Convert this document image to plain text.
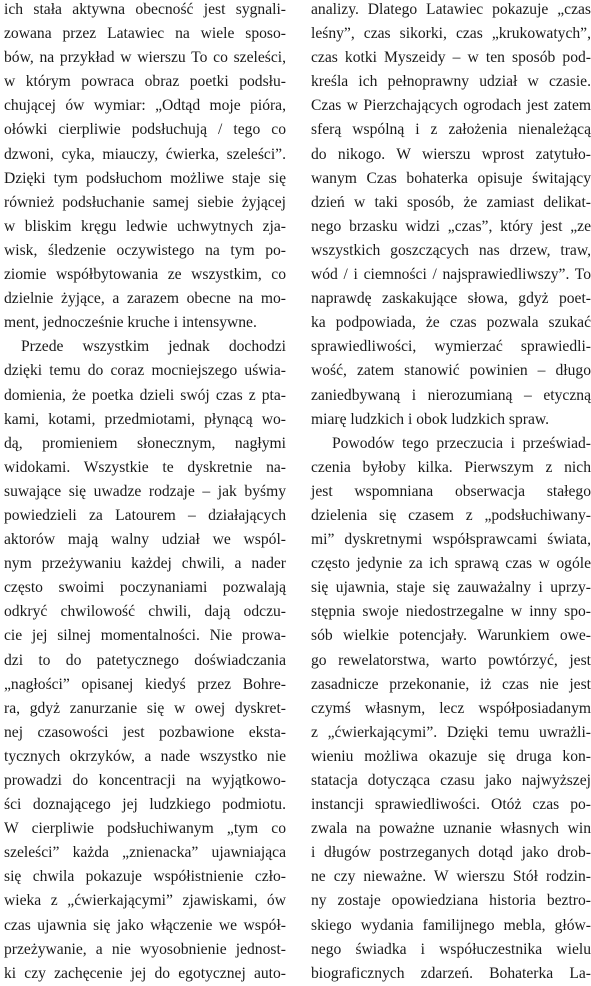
ich stała aktywna obecność jest sygnali-
zowana przez Latawiec na wiele sposo-
bów, na przykład w wierszu To co szeleści,
w którym powraca obraz poetki podsłu-
chującej ów wymiar: „Odtąd moje pióra,
ołówki cierpliwie podsłuchują / tego co
dzwoni, cyka, miauczy, ćwierka, szeleści”.
Dzięki tym podsłuchom możliwe staje się
również podsłuchanie samej siebie żyjącej
w bliskim kręgu ledwie uchwytnych zja-
wisk, śledzenie oczywistego na tym po-
ziomie współbytowania ze wszystkim, co
dzielnie żyjące, a zarazem obecne na mo-
ment, jednocześnie kruche i intensywne.
Przede wszystkim jednak dochodzi
dzięki temu do coraz mocniejszego uświa-
domienia, że poetka dzieli swój czas z pta-
kami, kotami, przedmiotami, płynącą wo-
dą, promieniem słonecznym, nagłymi
widokami. Wszystkie te dyskretnie na-
suwające się uwadze rodzaje – jak byśmy
powiedzieli za Latourem – działających
aktorów mają walny udział we wspól-
nym przeżywaniu każdej chwili, a nader
często swoimi poczynaniami pozwalają
odkryć chwilowość chwili, dają odczu-
cie jej silnej momentalności. Nie prowa-
dzi to do patetycznego doświadczania
„nagłości” opisanej kiedyś przez Bohre-
ra, gdyż zanurzanie się w owej dyskret-
nej czasowości jest pozbawione eksta-
tycznych okrzyków, a nade wszystko nie
prowadzi do koncentracji na wyjątkowo-
ści doznającego jej ludzkiego podmiotu.
W cierpliwie podsłuchiwanym „tym co
szeleści” każda „znienacka” ujawniająca
się chwila pokazuje współistnienie czło-
wieka z „ćwierkającymi” zjawiskami, ów
czas ujawnia się jako włączenie we współ-
przeżywanie, a nie wyosobnienie jednost-
ki czy zachęcenie jej do egotycznej auto-
analizy. Dlatego Latawiec pokazuje „czas
leśny”, czas sikorki, czas „krukowatych”,
czas kotki Myszeidy – w ten sposób pod-
kreśla ich pełnoprawny udział w czasie.
Czas w Pierzchających ogrodach jest zatem
sferą wspólną i z założenia nienależącą
do nikogo. W wierszu wprost zatytuło-
wanym Czas bohaterka opisuje świtający
dzień w taki sposób, że zamiast delikat-
nego brzasku widzi „czas”, który jest „ze
wszystkich goszczących nas drzew, traw,
wód / i ciemności / najsprawiedliwszy”. To
naprawdę zaskakujące słowa, gdyż poet-
ka podpowiada, że czas pozwala szukać
sprawiedliwości, wymierzać sprawiedli-
wość, zatem stanowić powinien – długo
zaniedbywaną i nierozumianą – etyczną
miarę ludzkich i obok ludzkich spraw.
Powodów tego przeczucia i przeświad-
czenia byłoby kilka. Pierwszym z nich
jest wspomniana obserwacja stałego
dzielenia się czasem z „podsłuchiwany-
mi” dyskretnymi współsprawcami świata,
często jedynie za ich sprawą czas w ogóle
się ujawnia, staje się zauważalny i uprzy-
stępnia swoje niedostrzegalne w inny spo-
sób wielkie potencjały. Warunkiem owe-
go rewelatorstwa, warto powtórzyć, jest
zasadnicze przekonanie, iż czas nie jest
czymś własnym, lecz współposiadanym
z „ćwierkającymi”. Dzięki temu uwrażli-
wieniu możliwa okazuje się druga kon-
statacja dotycząca czasu jako najwyższej
instancji sprawiedliwości. Otóż czas po-
zwala na poważne uznanie własnych win
i długów postrzeganych dotąd jako drob-
ne czy nieważne. W wierszu Stół rodzin-
ny zostaje opowiedziana historia beztro-
skiego wydania familijnego mebla, głów-
nego świadka i współuczestnika wielu
biograficznych zdarzeń. Bohaterka La-
